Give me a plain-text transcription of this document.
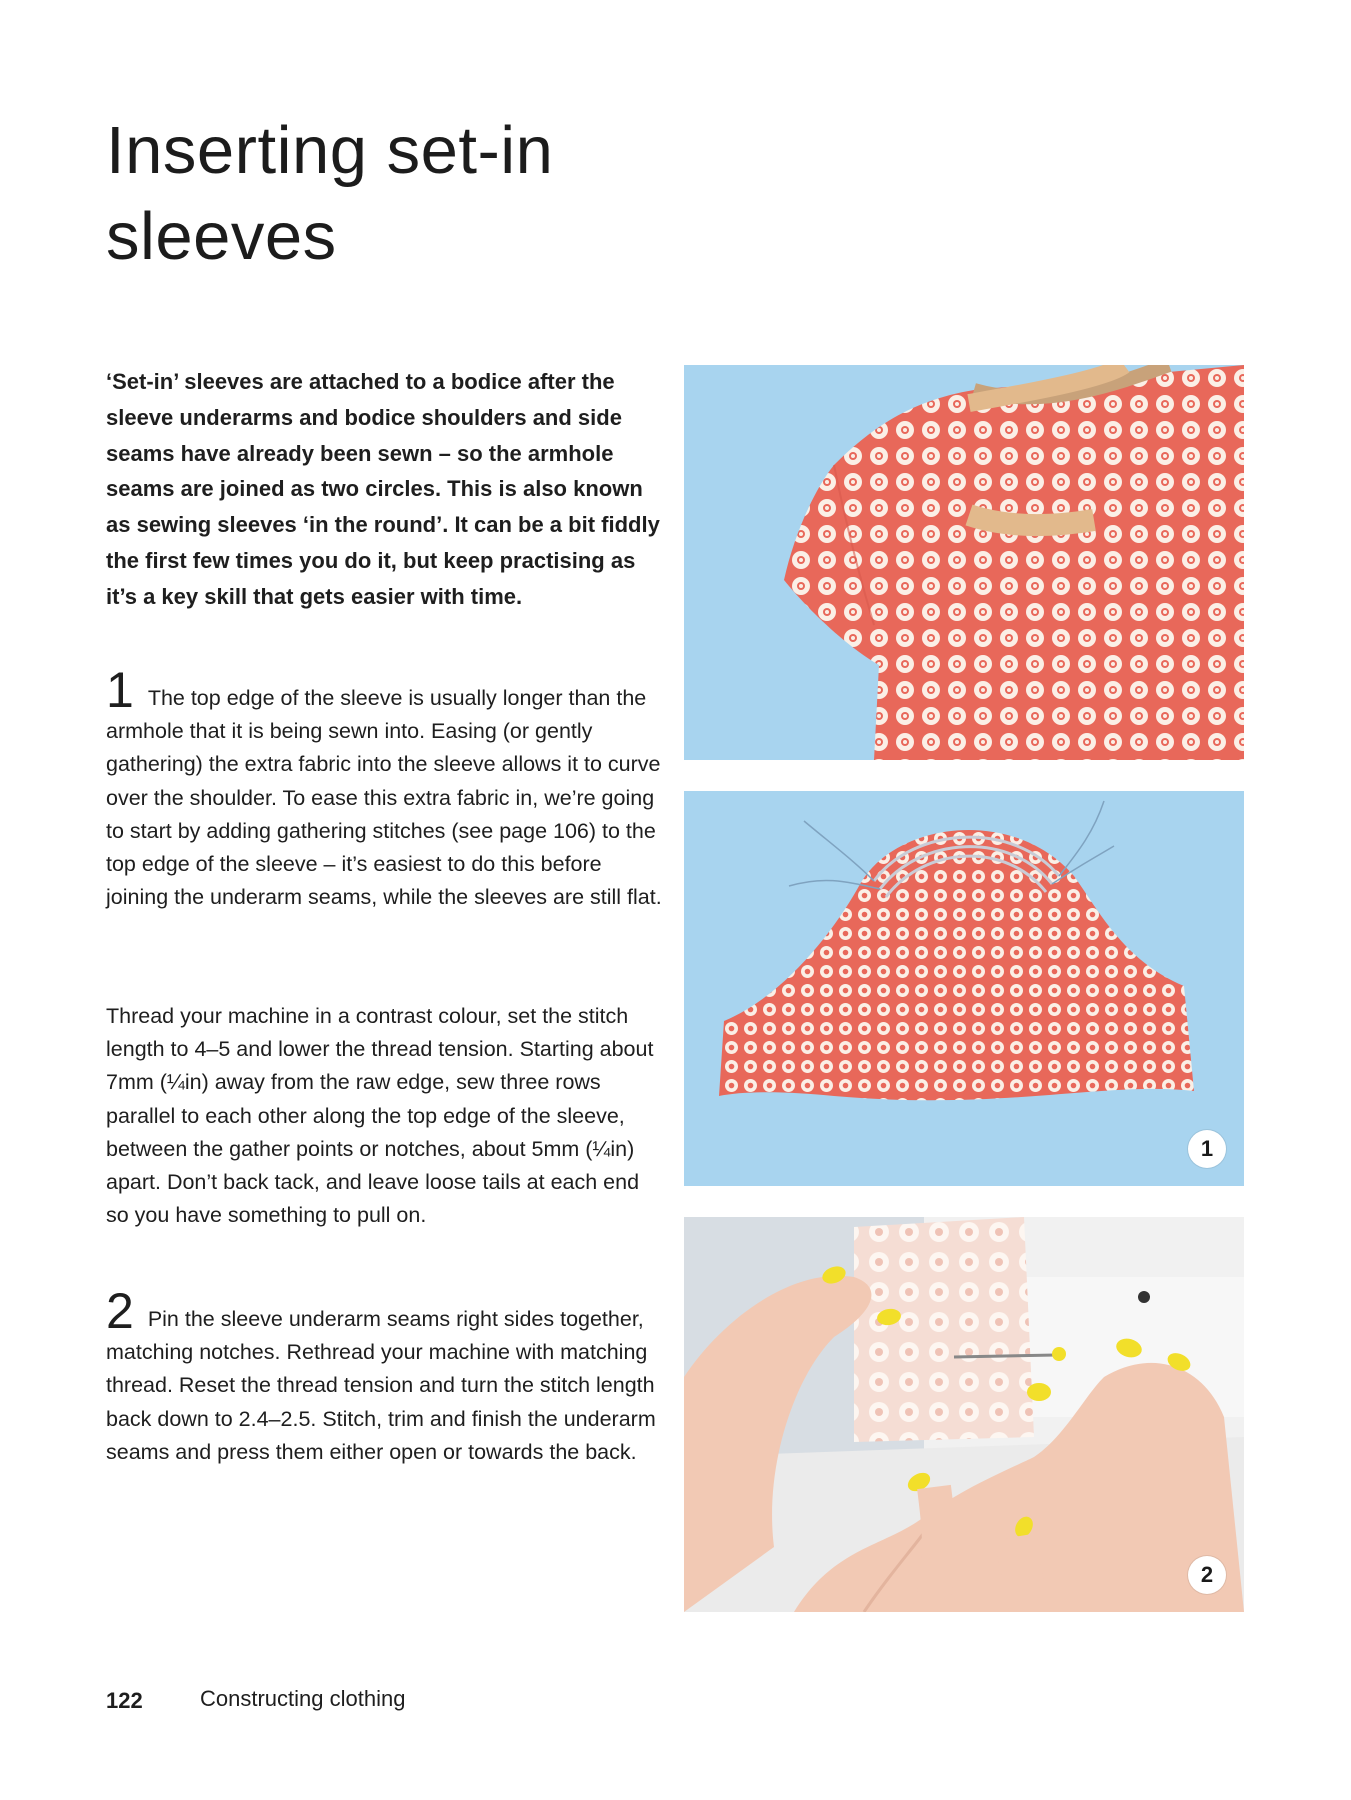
Inserting set-in sleeves

‘Set-in’ sleeves are attached to a bodice after the sleeve underarms and bodice shoulders and side seams have already been sewn – so the armhole seams are joined as two circles. This is also known as sewing sleeves ‘in the round’. It can be a bit fiddly the first few times you do it, but keep practising as it’s a key skill that gets easier with time.

1 The top edge of the sleeve is usually longer than the armhole that it is being sewn into. Easing (or gently gathering) the extra fabric into the sleeve allows it to curve over the shoulder. To ease this extra fabric in, we’re going to start by adding gathering stitches (see page 106) to the top edge of the sleeve – it’s easiest to do this before joining the underarm seams, while the sleeves are still flat.

Thread your machine in a contrast colour, set the stitch length to 4–5 and lower the thread tension. Starting about 7mm (¼in) away from the raw edge, sew three rows parallel to each other along the top edge of the sleeve, between the gather points or notches, about 5mm (¼in) apart. Don’t back tack, and leave loose tails at each end so you have something to pull on.

2 Pin the sleeve underarm seams right sides together, matching notches. Rethread your machine with matching thread. Reset the thread tension and turn the stitch length back down to 2.4–2.5. Stitch, trim and finish the underarm seams and press them either open or towards the back.

1
2
122	Constructing clothing
